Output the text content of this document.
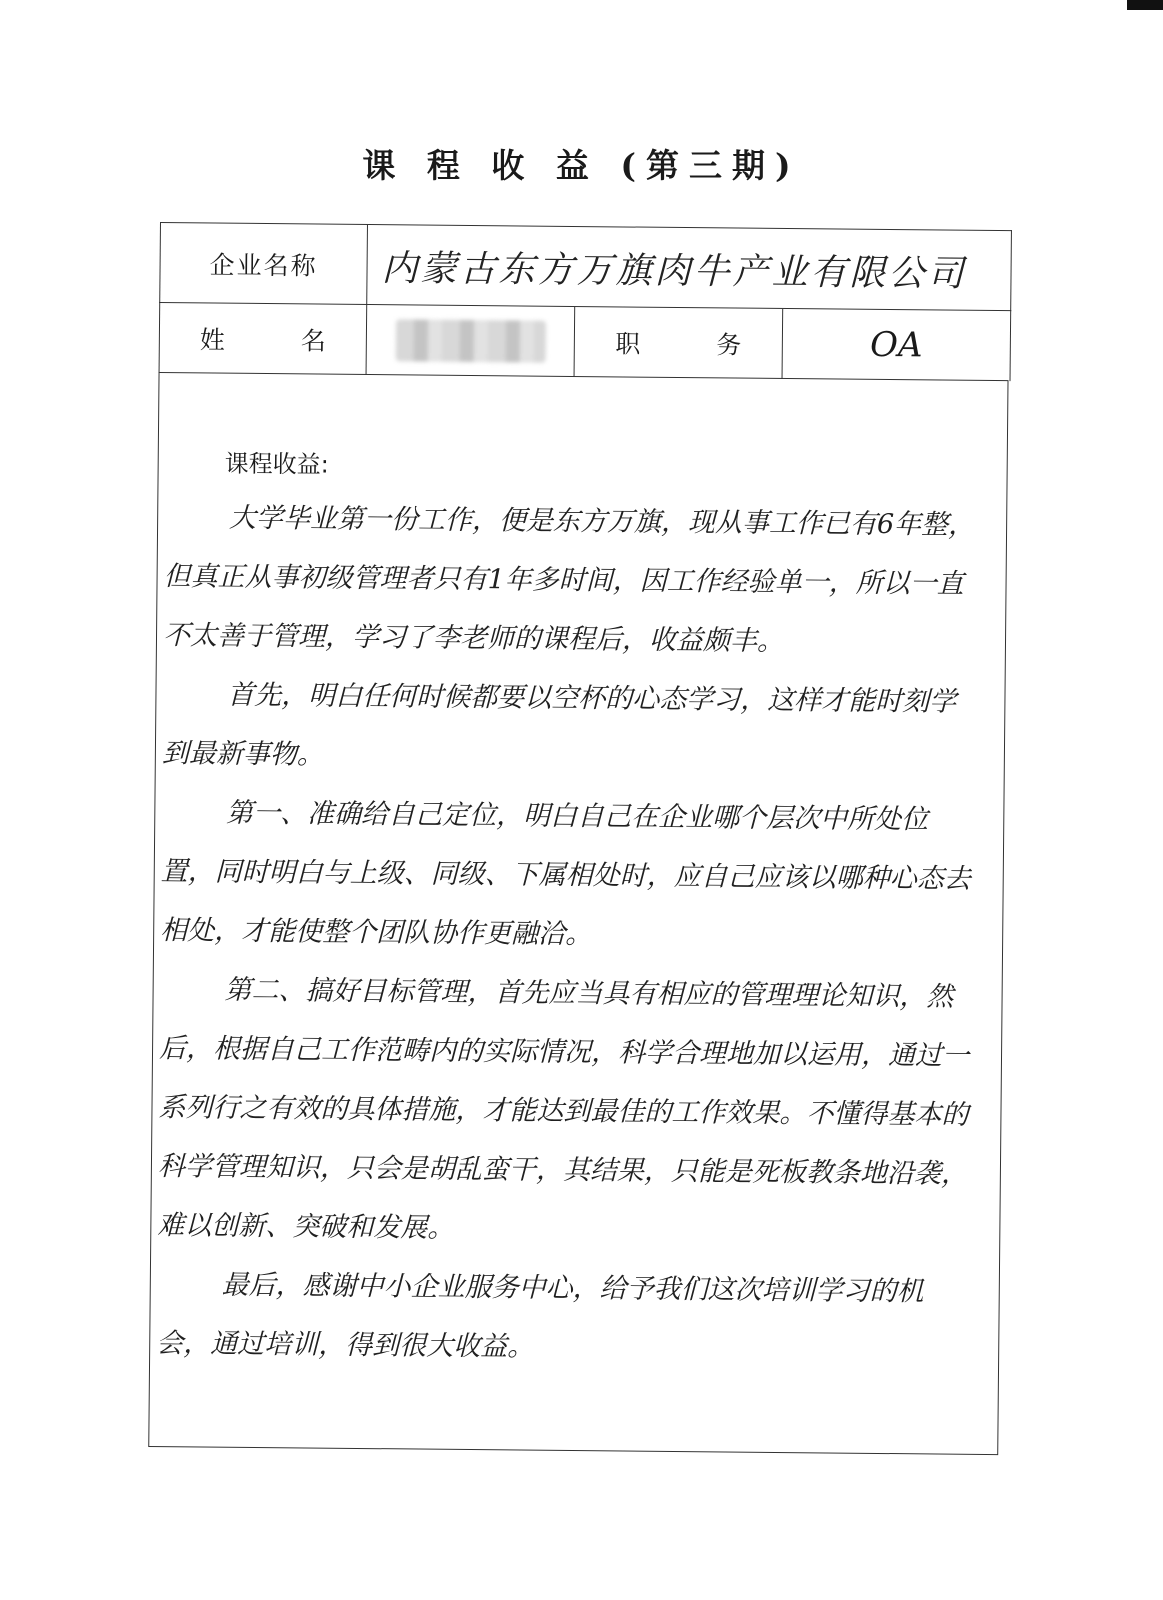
课 程 收 益 (第三期)
企业名称	内蒙古东方万旗肉牛产业有限公司
姓 名	职 务	OA
课程收益:

大学毕业第一份工作，便是东方万旗，现从事工作已有6年整，但真正从事初级管理者只有1年多时间，因工作经验单一，所以一直不太善于管理，学习了李老师的课程后，收益颇丰。

首先，明白任何时候都要以空杯的心态学习，这样才能时刻学到最新事物。

第一、准确给自己定位，明白自己在企业哪个层次中所处位置，同时明白与上级、同级、下属相处时，应自己应该以哪种心态去相处，才能使整个团队协作更融洽。

第二、搞好目标管理，首先应当具有相应的管理理论知识，然后，根据自己工作范畴内的实际情况，科学合理地加以运用，通过一系列行之有效的具体措施，才能达到最佳的工作效果。不懂得基本的科学管理知识，只会是胡乱蛮干，其结果，只能是死板教条地沿袭，难以创新、突破和发展。

最后，感谢中小企业服务中心，给予我们这次培训学习的机会，通过培训，得到很大收益。
